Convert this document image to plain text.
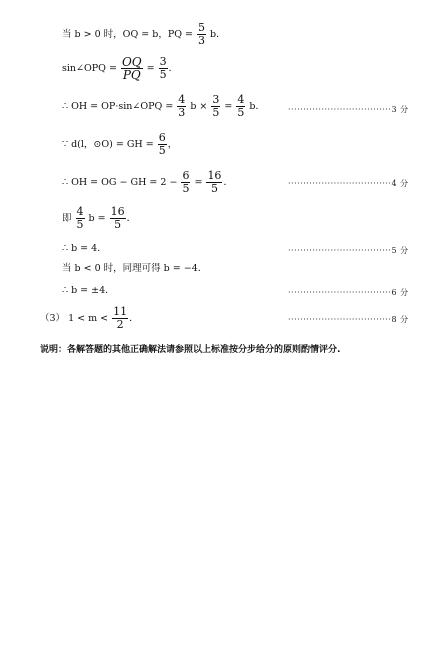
当 b > 0 时，OQ = b，PQ = $\frac{5}{3}$ b．
sin∠OPQ = $\frac{OQ}{PQ} = \frac{3}{5}$ ．
∴ OH = OP·sin∠OPQ = $\frac{4}{3}$ $b \times \frac{3}{5} = \frac{4}{5}$ b．	··································3 分
∵ d(l，⊙O) = GH = $\frac{6}{5}$ ，
∴ OH = OG − GH = $2 - \frac{6}{5} = \frac{16}{5}$ ．	··································4 分
即 $\frac{4}{5}$ $b = \frac{16}{5}$ ．
∴ b = 4．	··································5 分
当 b < 0 时，同理可得 b = −4．
∴ b = ±4．	··································6 分
（3） $1 < m < \frac{11}{2}$ ．	··································8 分
说明：各解答题的其他正确解法请参照以上标准按分步给分的原则酌情评分.
